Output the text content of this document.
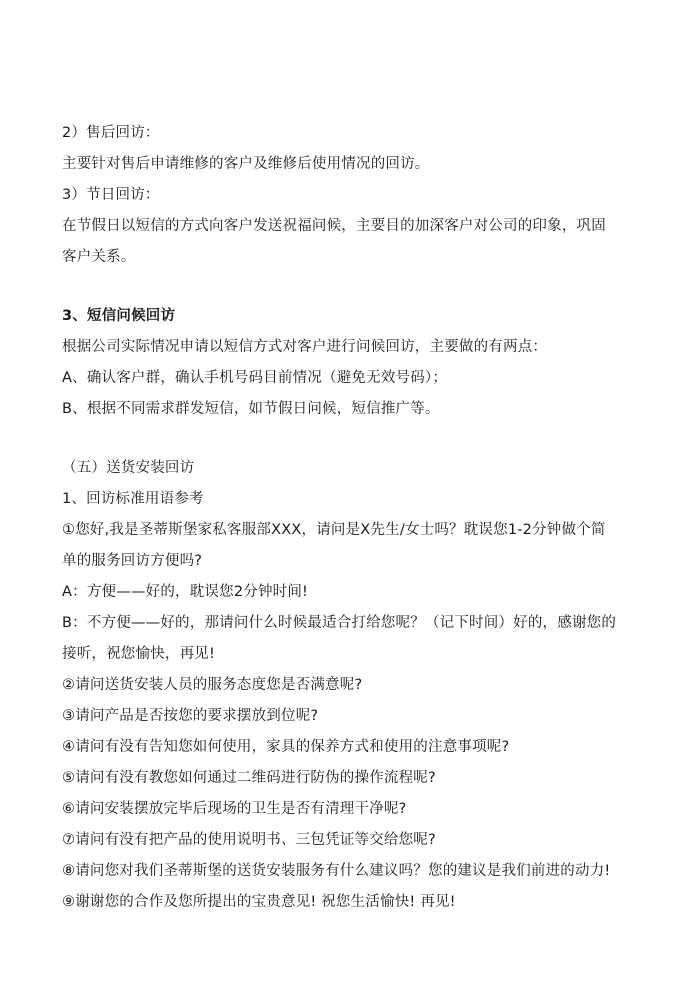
2）售后回访：

主要针对售后申请维修的客户及维修后使用情况的回访。

3）节日回访：

在节假日以短信的方式向客户发送祝福问候，主要目的加深客户对公司的印象，巩固客户关系。

3、短信问候回访

根据公司实际情况申请以短信方式对客户进行问候回访，主要做的有两点：

A、确认客户群，确认手机号码目前情况（避免无效号码）；

B、根据不同需求群发短信，如节假日问候，短信推广等。

（五）送货安装回访

1、回访标准用语参考

①您好,我是圣蒂斯堡家私客服部XXX，请问是X先生/女士吗？耽误您1-2分钟做个简单的服务回访方便吗?

A：方便——好的，耽误您2分钟时间!

B：不方便——好的，那请问什么时候最适合打给您呢？（记下时间）好的，感谢您的接听，祝您愉快，再见!

②请问送货安装人员的服务态度您是否满意呢?

③请问产品是否按您的要求摆放到位呢?

④请问有没有告知您如何使用，家具的保养方式和使用的注意事项呢?

⑤请问有没有教您如何通过二维码进行防伪的操作流程呢?

⑥请问安装摆放完毕后现场的卫生是否有清理干净呢?

⑦请问有没有把产品的使用说明书、三包凭证等交给您呢?

⑧请问您对我们圣蒂斯堡的送货安装服务有什么建议吗？您的建议是我们前进的动力!

⑨谢谢您的合作及您所提出的宝贵意见! 祝您生活愉快! 再见!
